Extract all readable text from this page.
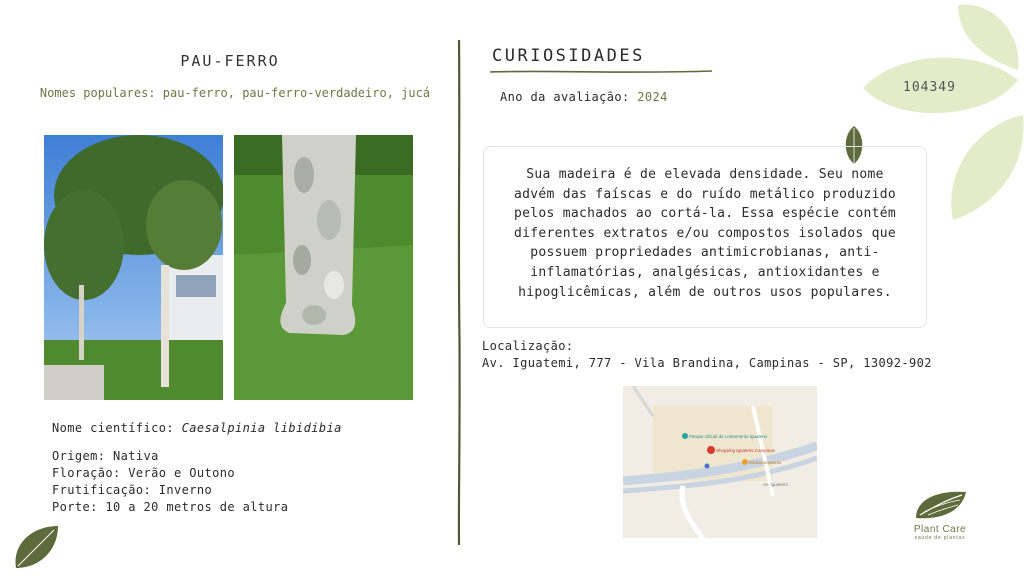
PAU-FERRO
Nomes populares: pau-ferro, pau-ferro-verdadeiro, jucá
Nome científico: Caesalpinia libidibia
Origem: Nativa
Floração: Verão e Outono
Frutificação: Inverno
Porte: 10 a 20 metros de altura
CURIOSIDADES
Ano da avaliação: 2024
104349
Sua madeira é de elevada densidade. Seu nome advém das faíscas e do ruído metálico produzido pelos machados ao cortá-la. Essa espécie contém diferentes extratos e/ou compostos isolados que possuem propriedades antimicrobianas, anti-inflamatórias, analgésicas, antioxidantes e hipoglicêmicas, além de outros usos populares.
Localização:
Av. Iguatemi, 777 - Vila Brandina, Campinas - SP, 13092-902
Parque Oficial do Loteamento Iguatemi
Shopping Iguatemi Campinas
Estacionamento
Av. Iguatemi
Plant Care
saúde de plantas
